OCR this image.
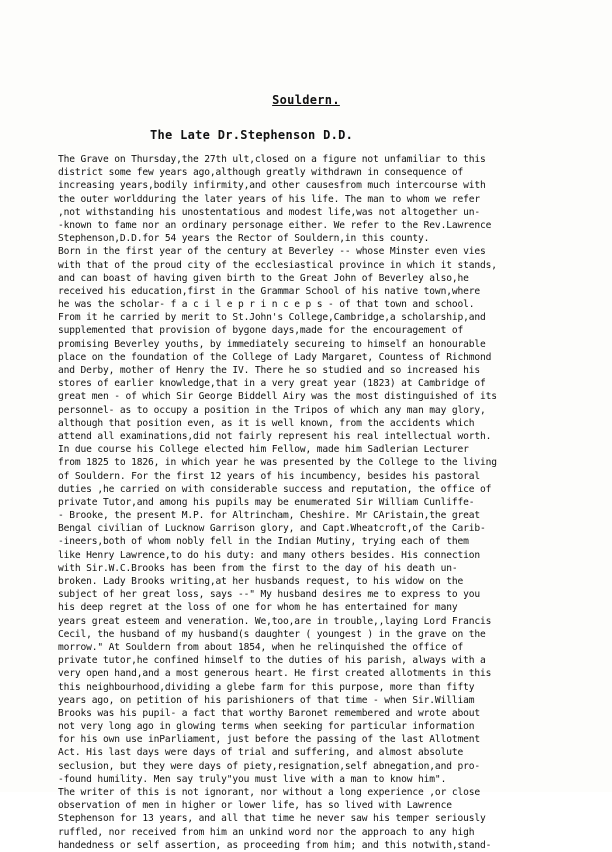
Souldern.
The Late Dr.Stephenson D.D.
The Grave on Thursday,the 27th ult,closed on a figure not unfamiliar to this
district some few years ago,although greatly withdrawn in consequence of
increasing years,bodily infirmity,and other causesfrom much intercourse with
the outer worldduring the later years of his life. The man to whom we refer
,not withstanding his unostentatious and modest life,was not altogether un-
-known to fame nor an ordinary personage either. We refer to the Rev.Lawrence
Stephenson,D.D.for 54 years the Rector of Souldern,in this county.
Born in the first year of the century at Beverley -- whose Minster even vies
with that of the proud city of the ecclesiastical province in which it stands,
and can boast of having given birth to the Great John of Beverley also,he
received his education,first in the Grammar School of his native town,where
he was the scholar- f a c i l e p r i n c e p s - of that town and school.
From it he carried by merit to St.John's College,Cambridge,a scholarship,and
supplemented that provision of bygone days,made for the encouragement of
promising Beverley youths, by immediately secureing to himself an honourable
place on the foundation of the College of Lady Margaret, Countess of Richmond
and Derby, mother of Henry the IV. There he so studied and so increased his
stores of earlier knowledge,that in a very great year (1823) at Cambridge of
great men - of which Sir George Biddell Airy was the most distinguished of its
personnel- as to occupy a position in the Tripos of which any man may glory,
although that position even, as it is well known, from the accidents which
attend all examinations,did not fairly represent his real intellectual worth.
In due course his College elected him Fellow, made him Sadlerian Lecturer
from 1825 to 1826, in which year he was presented by the College to the living
of Souldern. For the first 12 years of his incumbency, besides his pastoral
duties ,he carried on with considerable success and reputation, the office of
private Tutor,and among his pupils may be enumerated Sir William Cunliffe-
- Brooke, the present M.P. for Altrincham, Cheshire. Mr CAristain,the great
Bengal civilian of Lucknow Garrison glory, and Capt.Wheatcroft,of the Carib-
-ineers,both of whom nobly fell in the Indian Mutiny, trying each of them
like Henry Lawrence,to do his duty: and many others besides. His connection
with Sir.W.C.Brooks has been from the first to the day of his death un-
broken. Lady Brooks writing,at her husbands request, to his widow on the
subject of her great loss, says --" My husband desires me to express to you
his deep regret at the loss of one for whom he has entertained for many
years great esteem and veneration. We,too,are in trouble,,laying Lord Francis
Cecil, the husband of my husband(s daughter ( youngest ) in the grave on the
morrow." At Souldern from about 1854, when he relinquished the office of
private tutor,he confined himself to the duties of his parish, always with a
very open hand,and a most generous heart. He first created allotments in this
this neighbourhood,dividing a glebe farm for this purpose, more than fifty
years ago, on petition of his parishioners of that time - when Sir.William
Brooks was his pupil- a fact that worthy Baronet remembered and wrote about
not very long ago in glowing terms when seeking for particular information
for his own use inParliament, just before the passing of the last Allotment
Act. His last days were days of trial and suffering, and almost absolute
seclusion, but they were days of piety,resignation,self abnegation,and pro-
-found humility. Men say truly"you must live with a man to know him".
The writer of this is not ignorant, nor without a long experience ,or close
observation of men in higher or lower life, has so lived with Lawrence
Stephenson for 13 years, and all that time he never saw his temper seriously
ruffled, nor received from him an unkind word nor the approach to any high
handedness or self assertion, as proceeding from him; and this notwith,stand-
